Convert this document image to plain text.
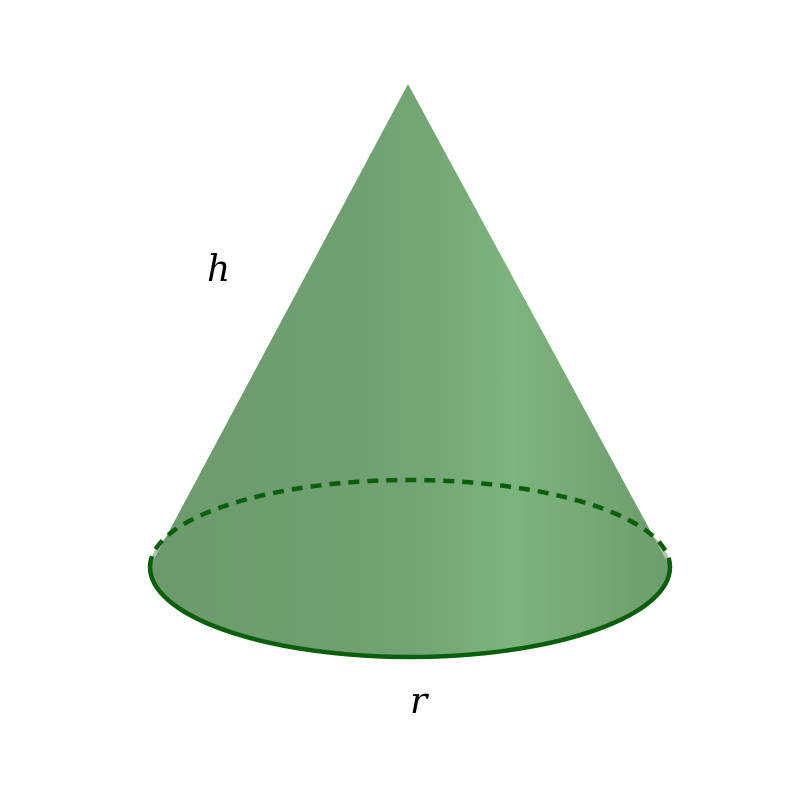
h
r
